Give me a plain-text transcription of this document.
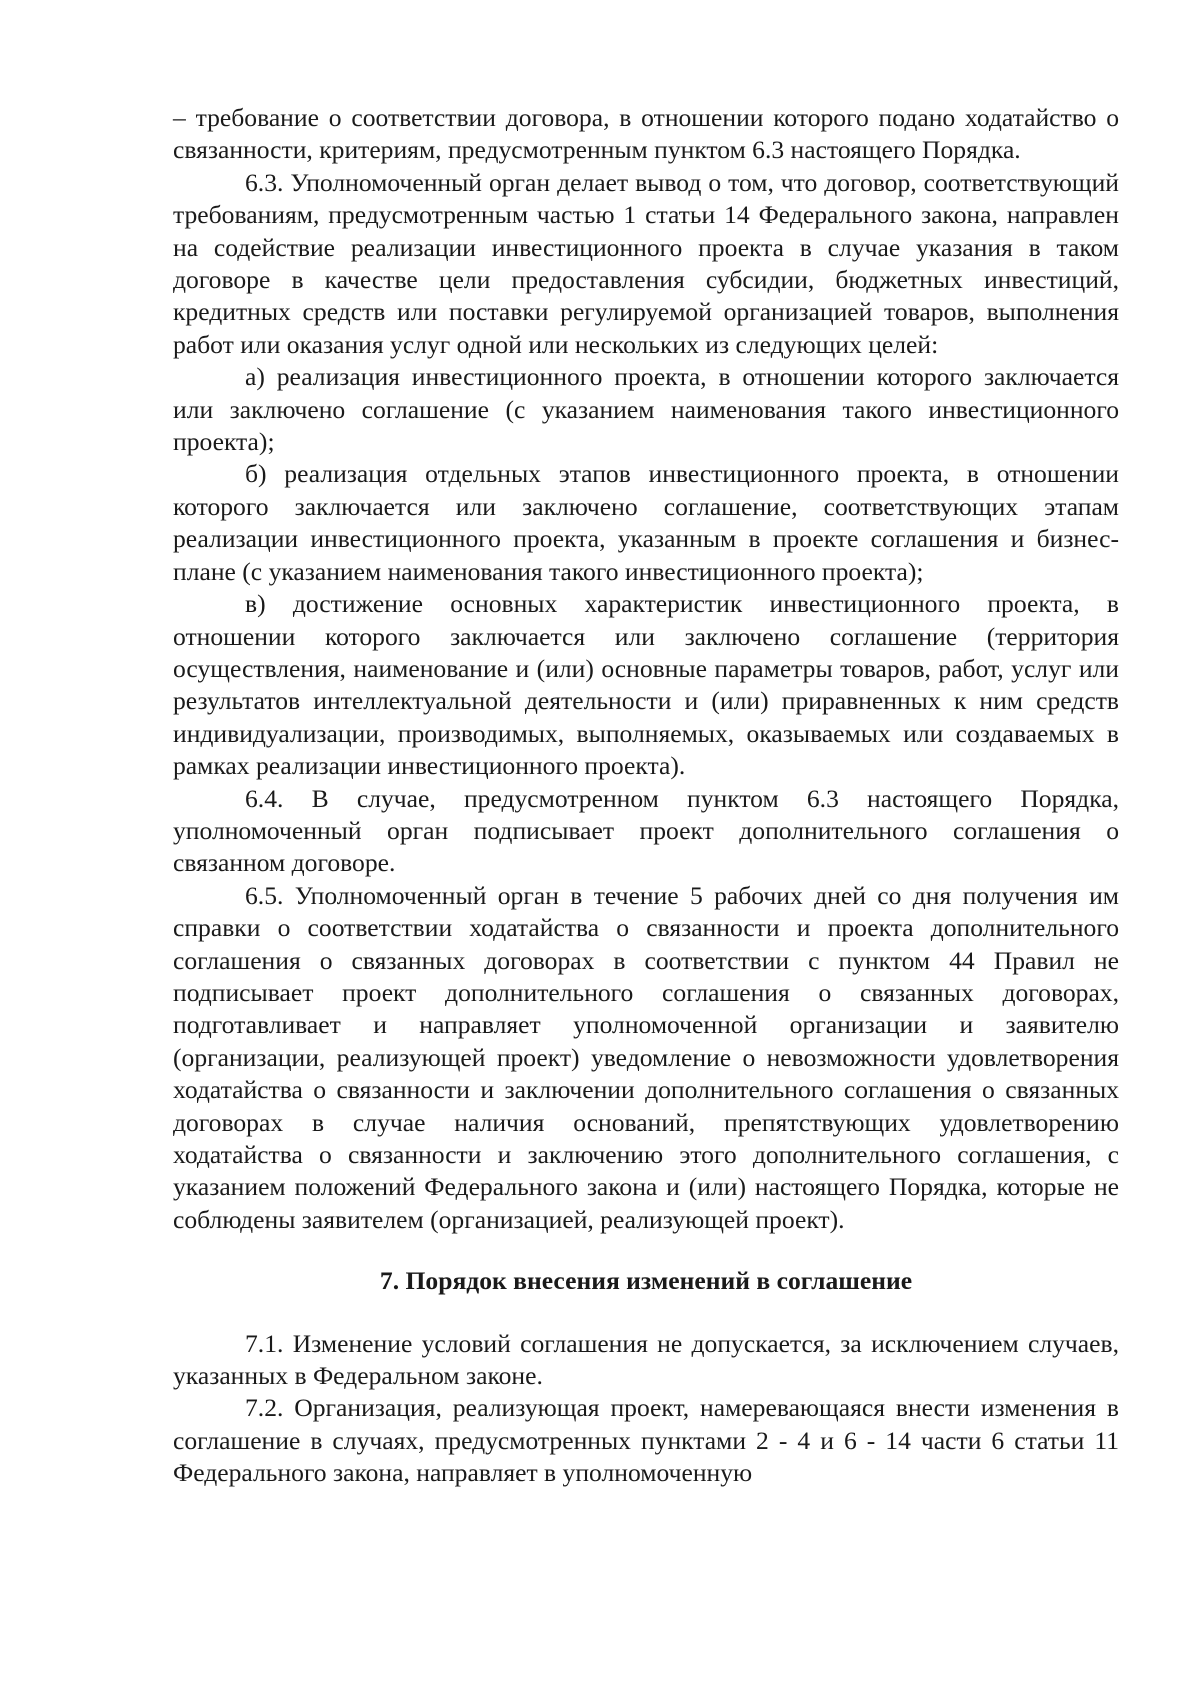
– требование о соответствии договора, в отношении которого подано ходатайство о связанности, критериям, предусмотренным пунктом 6.3 настоящего Порядка.

6.3. Уполномоченный орган делает вывод о том, что договор, соответствующий требованиям, предусмотренным частью 1 статьи 14 Федерального закона, направлен на содействие реализации инвестиционного проекта в случае указания в таком договоре в качестве цели предоставления субсидии, бюджетных инвестиций, кредитных средств или поставки регулируемой организацией товаров, выполнения работ или оказания услуг одной или нескольких из следующих целей:

а) реализация инвестиционного проекта, в отношении которого заключается или заключено соглашение (с указанием наименования такого инвестиционного проекта);

б) реализация отдельных этапов инвестиционного проекта, в отношении которого заключается или заключено соглашение, соответствующих этапам реализации инвестиционного проекта, указанным в проекте соглашения и бизнес-плане (с указанием наименования такого инвестиционного проекта);

в) достижение основных характеристик инвестиционного проекта, в отношении которого заключается или заключено соглашение (территория осуществления, наименование и (или) основные параметры товаров, работ, услуг или результатов интеллектуальной деятельности и (или) приравненных к ним средств индивидуализации, производимых, выполняемых, оказываемых или создаваемых в рамках реализации инвестиционного проекта).

6.4. В случае, предусмотренном пунктом 6.3 настоящего Порядка, уполномоченный орган подписывает проект дополнительного соглашения о связанном договоре.

6.5. Уполномоченный орган в течение 5 рабочих дней со дня получения им справки о соответствии ходатайства о связанности и проекта дополнительного соглашения о связанных договорах в соответствии с пунктом 44 Правил не подписывает проект дополнительного соглашения о связанных договорах, подготавливает и направляет уполномоченной организации и заявителю (организации, реализующей проект) уведомление о невозможности удовлетворения ходатайства о связанности и заключении дополнительного соглашения о связанных договорах в случае наличия оснований, препятствующих удовлетворению ходатайства о связанности и заключению этого дополнительного соглашения, с указанием положений Федерального закона и (или) настоящего Порядка, которые не соблюдены заявителем (организацией, реализующей проект).

7. Порядок внесения изменений в соглашение

7.1. Изменение условий соглашения не допускается, за исключением случаев, указанных в Федеральном законе.

7.2. Организация, реализующая проект, намеревающаяся внести изменения в соглашение в случаях, предусмотренных пунктами 2 - 4 и 6 - 14 части 6 статьи 11 Федерального закона, направляет в уполномоченную
